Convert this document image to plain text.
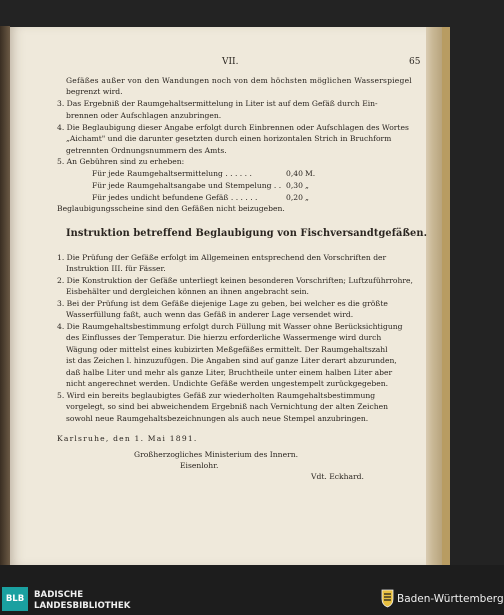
VII.	65
Gefäßes außer von den Wandungen noch von dem höchsten möglichen Wasserspiegel
begrenzt wird.
3. Das Ergebniß der Raumgehaltsermittelung in Liter ist auf dem Gefäß durch Ein-
brennen oder Aufschlagen anzubringen.
4. Die Beglaubigung dieser Angabe erfolgt durch Einbrennen oder Aufschlagen des Wortes
„Aichamt" und die darunter gesetzten durch einen horizontalen Strich in Bruchform
getrennten Ordnungsnummern des Amts.
5. An Gebühren sind zu erheben:
Für jede Raumgehaltsermittelung . . . . . .	0,40 M.
Für jede Raumgehaltsangabe und Stempelung . . 0,30 „
Für jedes undicht befundene Gefäß . . . . . .	0,20 „
Beglaubigungsscheine sind den Gefäßen nicht beizugeben.
Instruktion betreffend Beglaubigung von Fischversandtgefäßen.
1. Die Prüfung der Gefäße erfolgt im Allgemeinen entsprechend den Vorschriften der
Instruktion III. für Fässer.
2. Die Konstruktion der Gefäße unterliegt keinen besonderen Vorschriften; Luftzuführrohre,
Eisbehälter und dergleichen können an ihnen angebracht sein.
3. Bei der Prüfung ist dem Gefäße diejenige Lage zu geben, bei welcher es die größte
Wasserfüllung faßt, auch wenn das Gefäß in anderer Lage versendet wird.
4. Die Raumgehaltsbestimmung erfolgt durch Füllung mit Wasser ohne Berücksichtigung
des Einflusses der Temperatur. Die hierzu erforderliche Wassermenge wird durch
Wägung oder mittelst eines kubizirten Meßgefäßes ermittelt. Der Raumgehaltszahl
ist das Zeichen l. hinzuzufügen. Die Angaben sind auf ganze Liter derart abzurunden,
daß halbe Liter und mehr als ganze Liter, Bruchtheile unter einem halben Liter aber
nicht angerechnet werden. Undichte Gefäße werden ungestempelt zurückgegeben.
5. Wird ein bereits beglaubigtes Gefäß zur wiederholten Raumgehaltsbestimmung
vorgelegt, so sind bei abweichendem Ergebniß nach Vernichtung der alten Zeichen
sowohl neue Raumgehaltsbezeichnungen als auch neue Stempel anzubringen.
Karlsruhe, den 1. Mai 1891.
Großherzogliches Ministerium des Innern.
Eisenlohr.
Vdt. Eckhard.
BLB	BADISCHE
LANDESBIBLIOTHEK
Baden-Württemberg
